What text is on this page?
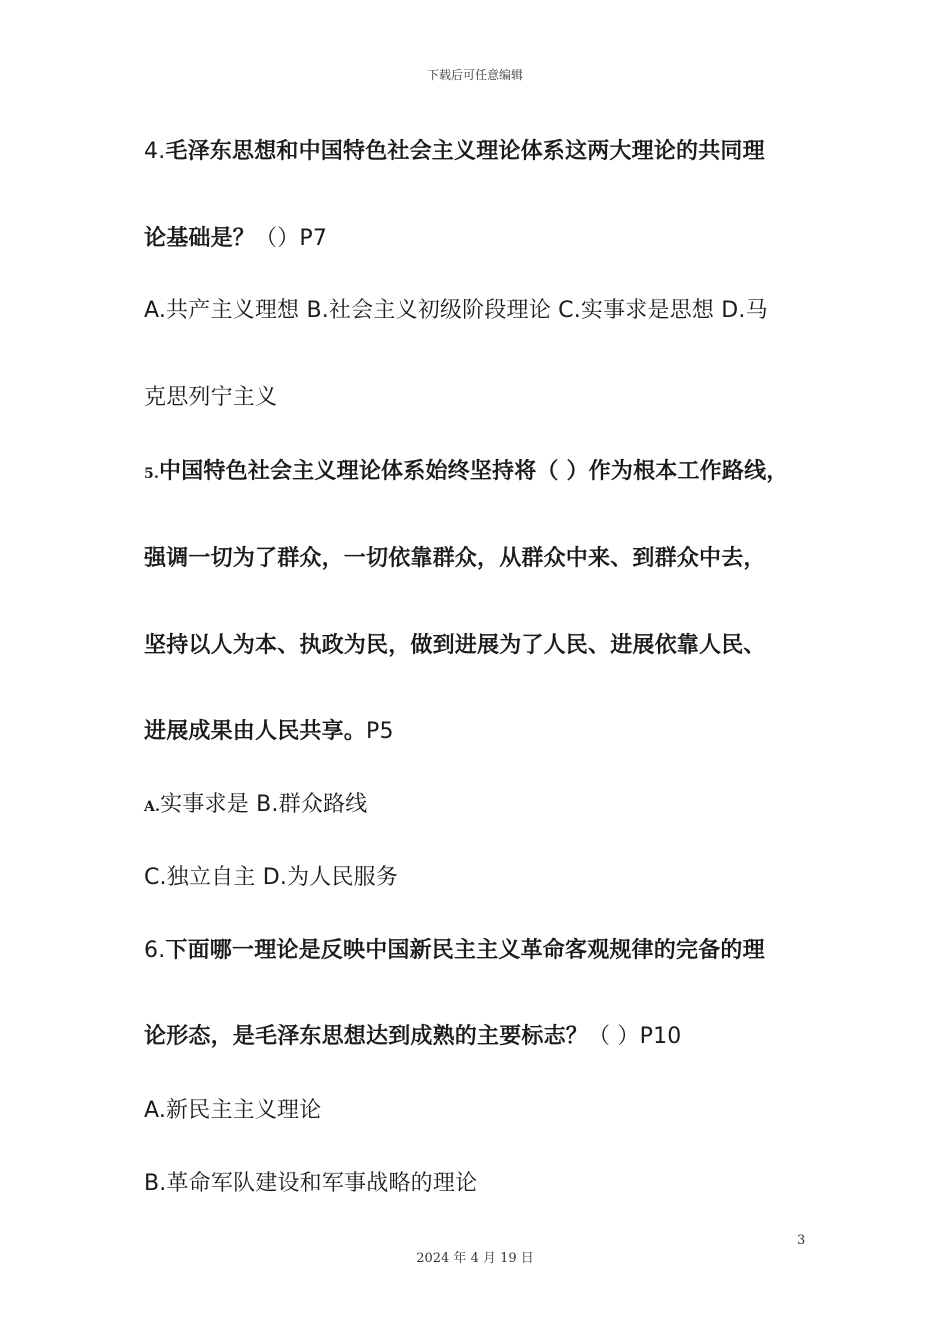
下载后可任意编辑
4.毛泽东思想和中国特色社会主义理论体系这两大理论的共同理
论基础是？（）P7
A.共产主义理想 B.社会主义初级阶段理论 C.实事求是思想 D.马
克思列宁主义
5.中国特色社会主义理论体系始终坚持将（ ）作为根本工作路线，
强调一切为了群众，一切依靠群众，从群众中来、到群众中去，
坚持以人为本、执政为民，做到进展为了人民、进展依靠人民、
进展成果由人民共享。P5
A.实事求是 B.群众路线
C.独立自主 D.为人民服务
6.下面哪一理论是反映中国新民主主义革命客观规律的完备的理
论形态，是毛泽东思想达到成熟的主要标志？（ ）P10
A.新民主主义理论
B.革命军队建设和军事战略的理论
3
2024 年 4 月 19 日
